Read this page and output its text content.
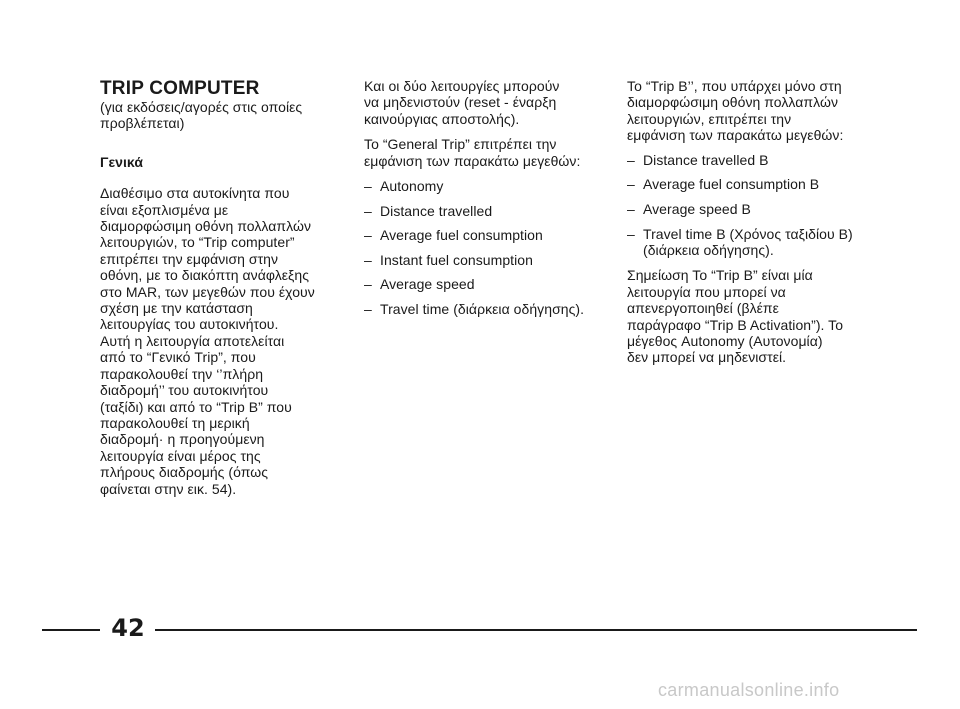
TRIP COMPUTER

(για εκδόσεις/αγορές στις οποίες
προβλέπεται)

Γενικά

Διαθέσιμο στα αυτοκίνητα που
είναι εξοπλισμένα με
διαμορφώσιμη οθόνη πολλαπλών
λειτουργιών, το “Trip computer”
επιτρέπει την εμφάνιση στην
οθόνη, με το διακόπτη ανάφλεξης
στο MAR, των μεγεθών που έχουν
σχέση με την κατάσταση
λειτουργίας του αυτοκινήτου.
Αυτή η λειτουργία αποτελείται
από το “Γενικό Trip”, που
παρακολουθεί την ‘’πλήρη
διαδρομή’’ του αυτοκινήτου
(ταξίδι) και από το “Trip B” που
παρακολουθεί τη μερική
διαδρομή· η προηγούμενη
λειτουργία είναι μέρος της
πλήρους διαδρομής (όπως
φαίνεται στην εικ. 54).

Και οι δύο λειτουργίες μπορούν
να μηδενιστούν (reset - έναρξη
καινούργιας αποστολής).

Το “General Trip” επιτρέπει την
εμφάνιση των παρακάτω μεγεθών:

– Autonomy
– Distance travelled
– Average fuel consumption
– Instant fuel consumption
– Average speed
– Travel time (διάρκεια οδήγησης).

Το “Trip B’’, που υπάρχει μόνο στη
διαμορφώσιμη οθόνη πολλαπλών
λειτουργιών, επιτρέπει την
εμφάνιση των παρακάτω μεγεθών:

– Distance travelled B
– Average fuel consumption B
– Average speed B
– Travel time B (Χρόνος ταξιδίου B)
(διάρκεια οδήγησης).

Σημείωση Το “Trip B” είναι μία
λειτουργία που μπορεί να
απενεργοποιηθεί (βλέπε
παράγραφο “Trip B Activation”). Το
μέγεθος Autonomy (Αυτονομία)
δεν μπορεί να μηδενιστεί.

42
carmanualsonline.info
